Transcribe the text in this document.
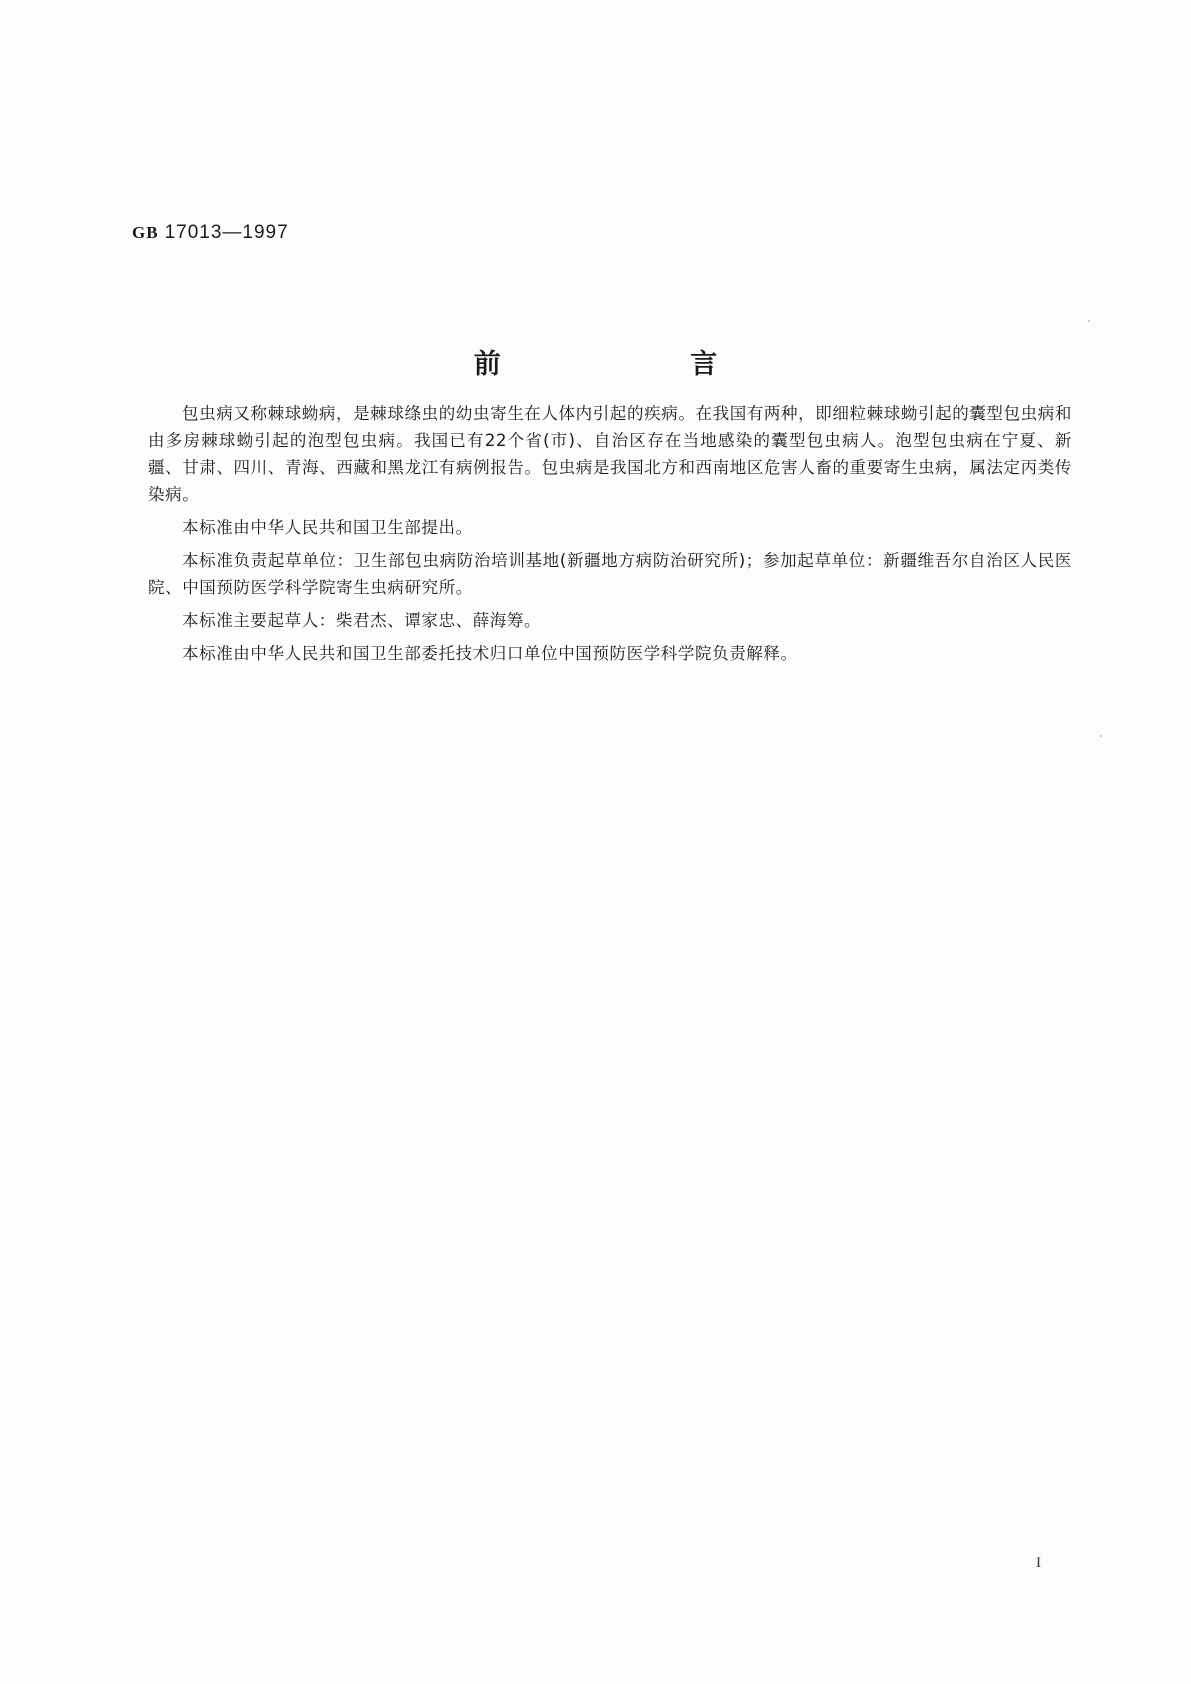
GB 17013—1997
前 言

包虫病又称棘球蚴病，是棘球绦虫的幼虫寄生在人体内引起的疾病。在我国有两种，即细粒棘球蚴引起的囊型包虫病和由多房棘球蚴引起的泡型包虫病。我国已有22个省(市)、自治区存在当地感染的囊型包虫病人。泡型包虫病在宁夏、新疆、甘肃、四川、青海、西藏和黑龙江有病例报告。包虫病是我国北方和西南地区危害人畜的重要寄生虫病，属法定丙类传染病。

本标准由中华人民共和国卫生部提出。

本标准负责起草单位：卫生部包虫病防治培训基地(新疆地方病防治研究所)；参加起草单位：新疆维吾尔自治区人民医院、中国预防医学科学院寄生虫病研究所。

本标准主要起草人：柴君杰、谭家忠、薛海筹。

本标准由中华人民共和国卫生部委托技术归口单位中国预防医学科学院负责解释。

I
